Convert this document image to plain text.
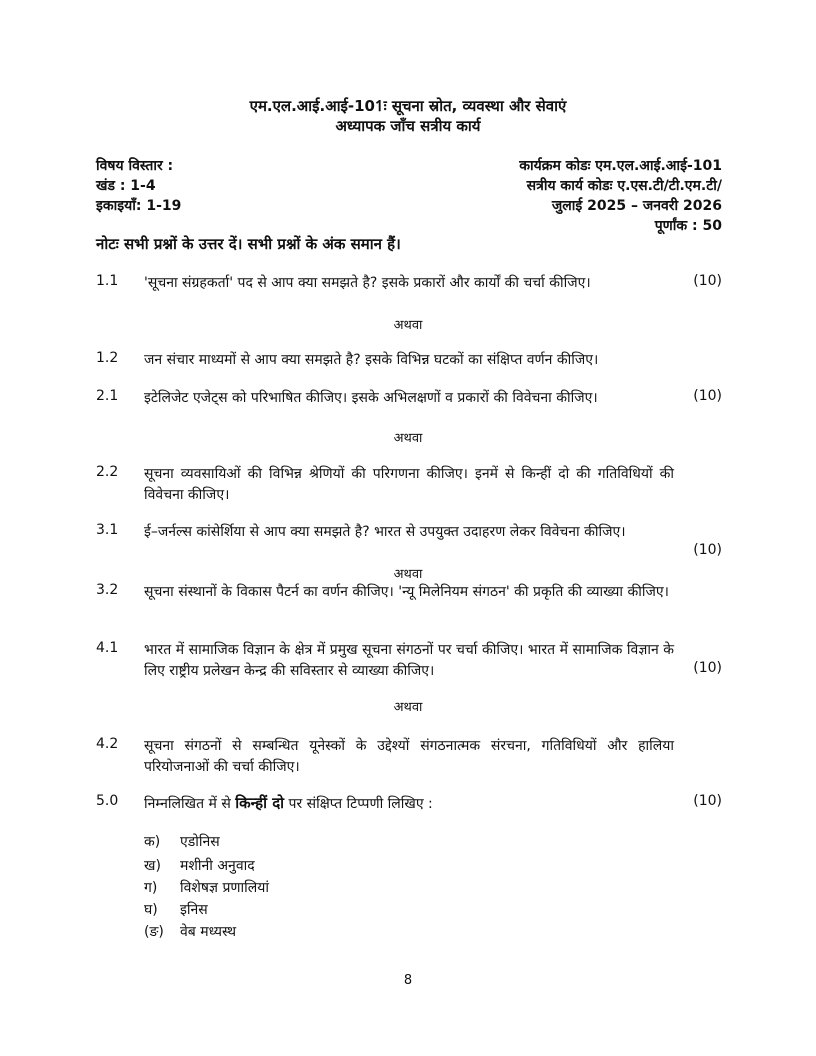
एम.एल.आई.आई-101ः सूचना स्रोत, व्यवस्था और सेवाएं
अध्यापक जाँच सत्रीय कार्य
विषय विस्तार :
खंड : 1-4
इकाइयाँ: 1-19
कार्यक्रम कोडः एम.एल.आई.आई-101
सत्रीय कार्य कोडः ए.एस.टी/टी.एम.टी/
जुलाई 2025 – जनवरी 2026
पूर्णांक : 50
नोटः सभी प्रश्नों के उत्तर दें। सभी प्रश्नों के अंक समान हैं।
1.1	'सूचना संग्रहकर्ता' पद से आप क्या समझते है? इसके प्रकारों और कार्यों की चर्चा कीजिए।	(10)
अथवा
1.2	जन संचार माध्यमों से आप क्या समझते है? इसके विभिन्न घटकों का संक्षिप्त वर्णन कीजिए।
2.1	इटेलिजेट एजेट्स को परिभाषित कीजिए। इसके अभिलक्षणों व प्रकारों की विवेचना कीजिए।	(10)
अथवा
2.2	सूचना व्यवसायिओं की विभिन्न श्रेणियों की परिगणना कीजिए। इनमें से किन्हीं दो की गतिविधियों की विवेचना कीजिए।
3.1	ई–जर्नल्स कांसेर्शिया से आप क्या समझते है? भारत से उपयुक्त उदाहरण लेकर विवेचना कीजिए।
(10)
अथवा
3.2	सूचना संस्थानों के विकास पैटर्न का वर्णन कीजिए। 'न्यू मिलेनियम संगठन' की प्रकृति की व्याख्या कीजिए।
4.1	भारत में सामाजिक विज्ञान के क्षेत्र में प्रमुख सूचना संगठनों पर चर्चा कीजिए। भारत में सामाजिक विज्ञान के लिए राष्ट्रीय प्रलेखन केन्द्र की सविस्तार से व्याख्या कीजिए।	(10)
अथवा
4.2	सूचना संगठनों से सम्बन्धित यूनेस्कों के उद्देश्यों संगठनात्मक संरचना, गतिविधियों और हालिया परियोजनाओं की चर्चा कीजिए।
5.0	निम्नलिखित में से किन्हीं दो पर संक्षिप्त टिप्पणी लिखिए :	(10)
क) एडोनिस
ख) मशीनी अनुवाद
ग) विशेषज्ञ प्रणालियां
घ) इनिस
(ङ) वेब मध्यस्थ
8
